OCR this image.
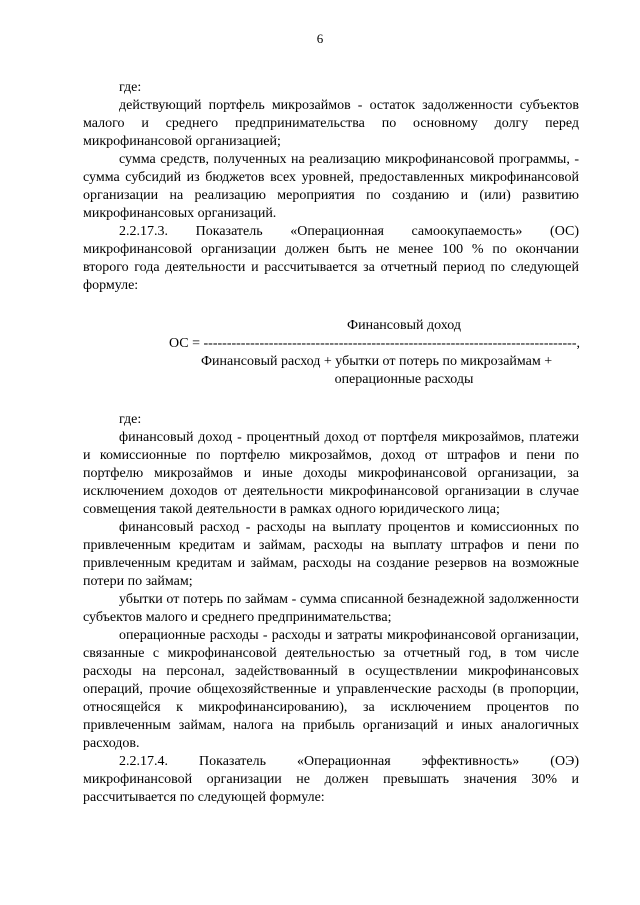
6

где:

действующий портфель микрозаймов - остаток задолженности субъектов малого и среднего предпринимательства по основному долгу перед микрофинансовой организацией;

сумма средств, полученных на реализацию микрофинансовой программы, - сумма субсидий из бюджетов всех уровней, предоставленных микрофинансовой организации на реализацию мероприятия по созданию и (или) развитию микрофинансовых организаций.

2.2.17.3. Показатель «Операционная самоокупаемость» (ОС) микрофинансовой организации должен быть не менее 100 % по окончании второго года деятельности и рассчитывается за отчетный период по следующей формуле:

Финансовый доход
ОС = --------------------------------------------------------------------------------,
Финансовый расход + убытки от потерь по микрозаймам +
операционные расходы

где:

финансовый доход - процентный доход от портфеля микрозаймов, платежи и комиссионные по портфелю микрозаймов, доход от штрафов и пени по портфелю микрозаймов и иные доходы микрофинансовой организации, за исключением доходов от деятельности микрофинансовой организации в случае совмещения такой деятельности в рамках одного юридического лица;

финансовый расход - расходы на выплату процентов и комиссионных по привлеченным кредитам и займам, расходы на выплату штрафов и пени по привлеченным кредитам и займам, расходы на создание резервов на возможные потери по займам;

убытки от потерь по займам - сумма списанной безнадежной задолженности субъектов малого и среднего предпринимательства;

операционные расходы - расходы и затраты микрофинансовой организации, связанные с микрофинансовой деятельностью за отчетный год, в том числе расходы на персонал, задействованный в осуществлении микрофинансовых операций, прочие общехозяйственные и управленческие расходы (в пропорции, относящейся к микрофинансированию), за исключением процентов по привлеченным займам, налога на прибыль организаций и иных аналогичных расходов.

2.2.17.4. Показатель «Операционная эффективность» (ОЭ) микрофинансовой организации не должен превышать значения 30% и рассчитывается по следующей формуле:
